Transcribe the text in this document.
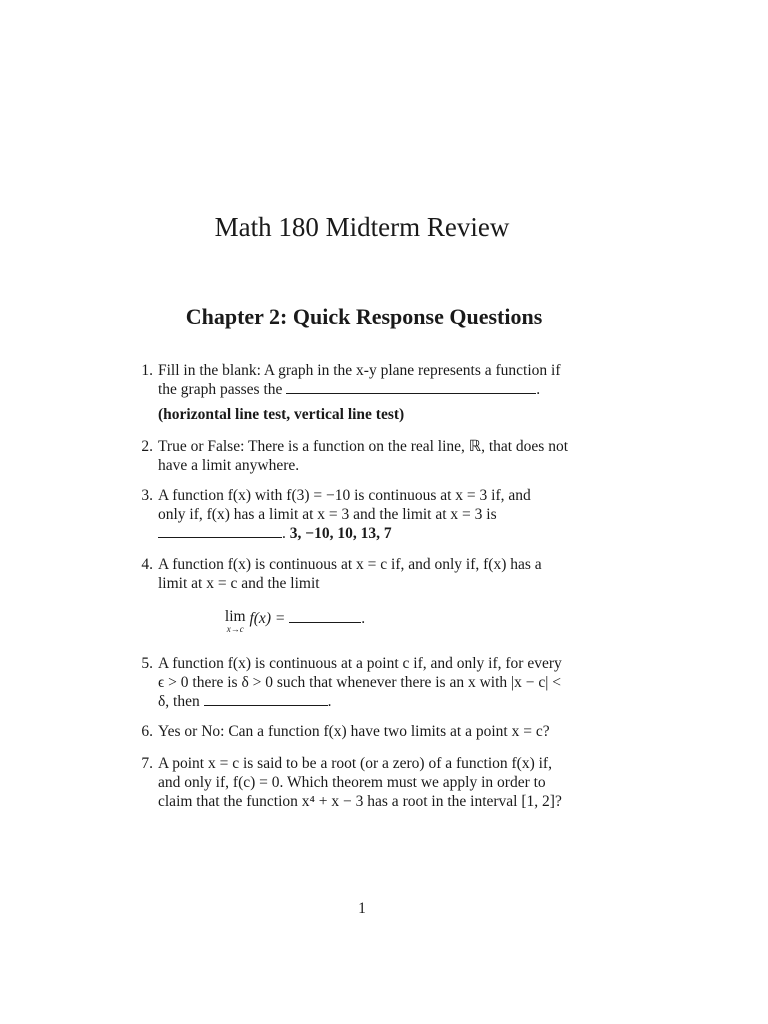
Math 180 Midterm Review
Chapter 2: Quick Response Questions
1. Fill in the blank: A graph in the x-y plane represents a function if
the graph passes the	.
(horizontal line test, vertical line test)
2. True or False: There is a function on the real line, ℝ, that does not
have a limit anywhere.
3. A function f(x) with f(3) = −10 is continuous at x = 3 if, and
only if, f(x) has a limit at x = 3 and the limit at x = 3 is
. 3, −10, 10, 13, 7
4. A function f(x) is continuous at x = c if, and only if, f(x) has a
limit at x = c and the limit
lim
x→c
f(x) =	.
5. A function f(x) is continuous at a point c if, and only if, for every
ϵ > 0 there is δ > 0 such that whenever there is an x with |x − c| <
δ, then	.
6. Yes or No: Can a function f(x) have two limits at a point x = c?
7. A point x = c is said to be a root (or a zero) of a function f(x) if,
and only if, f(c) = 0. Which theorem must we apply in order to
claim that the function x⁴ + x − 3 has a root in the interval [1, 2]?
1
